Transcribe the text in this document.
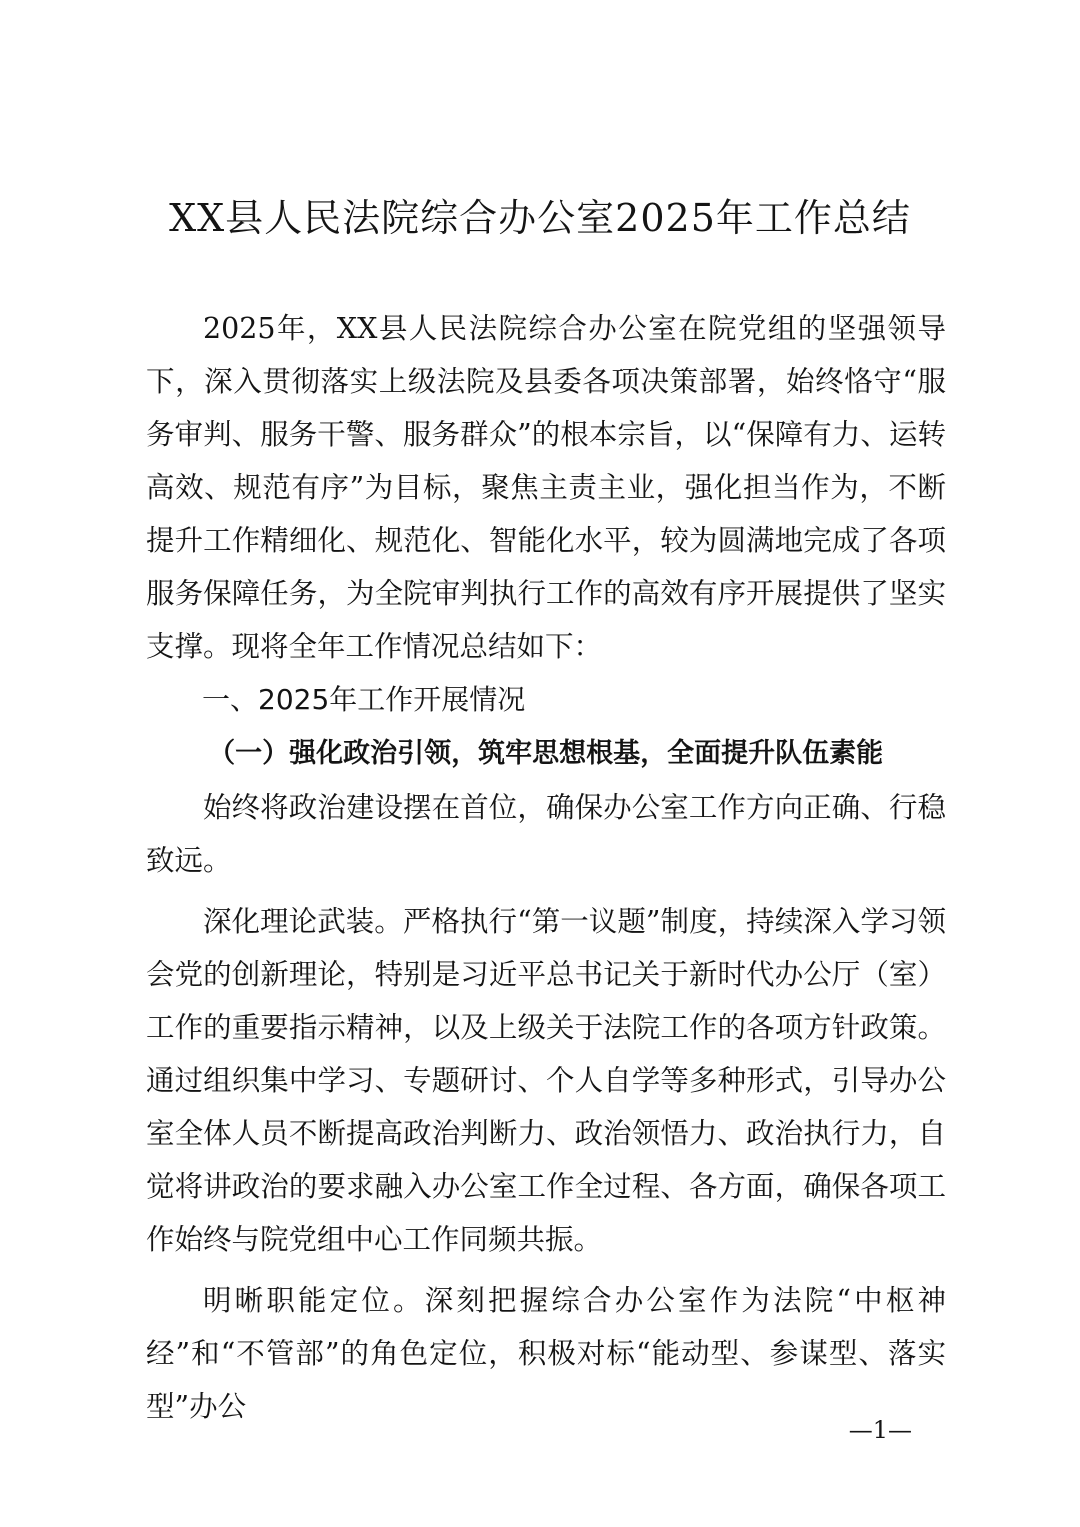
XX县人民法院综合办公室2025年工作总结

2025年，XX县人民法院综合办公室在院党组的坚强领导下，深入贯彻落实上级法院及县委各项决策部署，始终恪守“服务审判、服务干警、服务群众”的根本宗旨，以“保障有力、运转高效、规范有序”为目标，聚焦主责主业，强化担当作为，不断提升工作精细化、规范化、智能化水平，较为圆满地完成了各项服务保障任务，为全院审判执行工作的高效有序开展提供了坚实支撑。现将全年工作情况总结如下：

一、2025年工作开展情况

（一）强化政治引领，筑牢思想根基，全面提升队伍素能

始终将政治建设摆在首位，确保办公室工作方向正确、行稳致远。

深化理论武装。严格执行“第一议题”制度，持续深入学习领会党的创新理论，特别是习近平总书记关于新时代办公厅（室）工作的重要指示精神，以及上级关于法院工作的各项方针政策。通过组织集中学习、专题研讨、个人自学等多种形式，引导办公室全体人员不断提高政治判断力、政治领悟力、政治执行力，自觉将讲政治的要求融入办公室工作全过程、各方面，确保各项工作始终与院党组中心工作同频共振。

明晰职能定位。深刻把握综合办公室作为法院“中枢神经”和“不管部”的角色定位，积极对标“能动型、参谋型、落实型”办公

—1—
